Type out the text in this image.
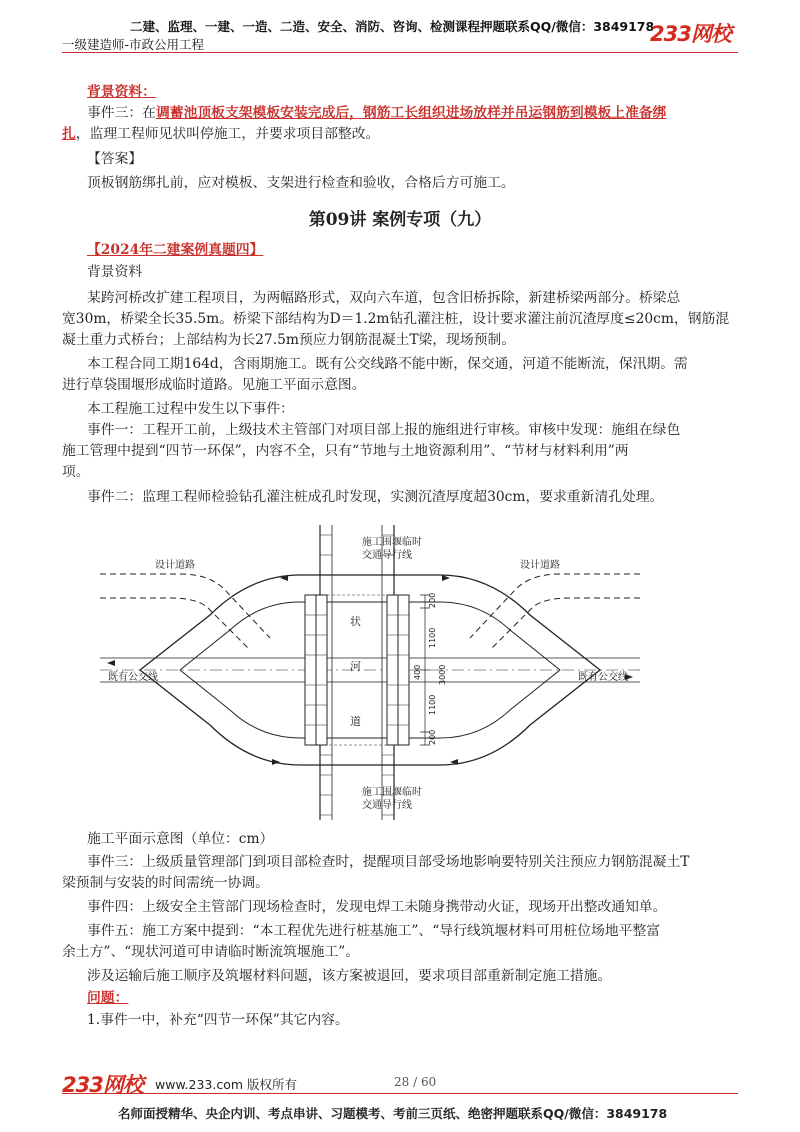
二建、监理、一建、一造、二造、安全、消防、咨询、检测课程押题联系QQ/微信：3849178
一级建造师-市政公用工程	233网校
背景资料：
事件三：在调蓄池顶板支架模板安装完成后，钢筋工长组织进场放样并吊运钢筋到模板上准备绑
扎，监理工程师见状叫停施工，并要求项目部整改。
【答案】
顶板钢筋绑扎前，应对模板、支架进行检查和验收，合格后方可施工。
第09讲 案例专项（九）
【2024年二建案例真题四】
背景资料
某跨河桥改扩建工程项目，为两幅路形式，双向六车道，包含旧桥拆除，新建桥梁两部分。桥梁总
宽30m，桥梁全长35.5m。桥梁下部结构为D＝1.2m钻孔灌注桩，设计要求灌注前沉渣厚度≤20cm，钢筋混
凝土重力式桥台；上部结构为长27.5m预应力钢筋混凝土T梁，现场预制。
本工程合同工期164d，含雨期施工。既有公交线路不能中断，保交通，河道不能断流，保汛期。需
进行草袋围堰形成临时道路。见施工平面示意图。
本工程施工过程中发生以下事件：
事件一：工程开工前，上级技术主管部门对项目部上报的施组进行审核。审核中发现：施组在绿色
施工管理中提到“四节一环保”，内容不全，只有“节地与土地资源利用”、“节材与材料利用”两
项。
事件二：监理工程师检验钻孔灌注桩成孔时发现，实测沉渣厚度超30cm，要求重新清孔处理。
施工围堰临时
交通导行线
施工围堰临时
交通导行线
设计道路	设计道路
既有公交线	既有公交线
状
河
道
200
1100
3000
1100
200
400
施工平面示意图（单位：cm）
事件三：上级质量管理部门到项目部检查时，提醒项目部受场地影响要特别关注预应力钢筋混凝土T
梁预制与安装的时间需统一协调。
事件四：上级安全主管部门现场检查时，发现电焊工未随身携带动火证，现场开出整改通知单。
事件五：施工方案中提到：“本工程优先进行桩基施工”、“导行线筑堰材料可用桩位场地平整富
余土方”、“现状河道可申请临时断流筑堰施工”。
涉及运输后施工顺序及筑堰材料问题，该方案被退回，要求项目部重新制定施工措施。
问题：
1.事件一中，补充“四节一环保”其它内容。
233网校 www.233.com 版权所有	28 / 60
名师面授精华、央企内训、考点串讲、习题模考、考前三页纸、绝密押题联系QQ/微信：3849178
